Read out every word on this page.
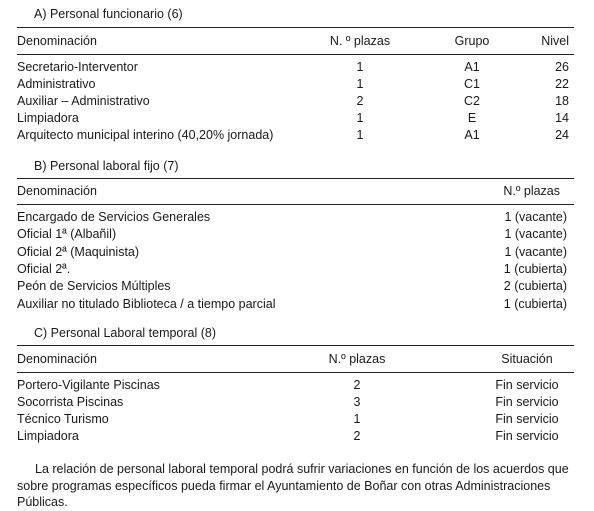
A) Personal funcionario (6)
Denominación	N. º plazas	Grupo	Nivel
Secretario-Interventor	1	A1	26
Administrativo	1	C1	22
Auxiliar – Administrativo	2	C2	18
Limpiadora	1	E	14
Arquitecto municipal interino (40,20% jornada)	1	A1	24
B) Personal laboral fijo (7)
Denominación	N.º plazas
Encargado de Servicios Generales	1 (vacante)
Oficial 1ª (Albañil)	1 (vacante)
Oficial 2ª (Maquinista)	1 (vacante)
Oficial 2ª.	1 (cubierta)
Peón de Servicios Múltiples	2 (cubierta)
Auxiliar no titulado Biblioteca / a tiempo parcial	1 (cubierta)
C) Personal Laboral temporal (8)
Denominación	N.º plazas	Situación
Portero-Vigilante Piscinas	2	Fin servicio
Socorrista Piscinas	3	Fin servicio
Técnico Turismo	1	Fin servicio
Limpiadora	2	Fin servicio
La relación de personal laboral temporal podrá sufrir variaciones en función de los acuerdos que sobre programas específicos pueda firmar el Ayuntamiento de Boñar con otras Administraciones Públicas.
